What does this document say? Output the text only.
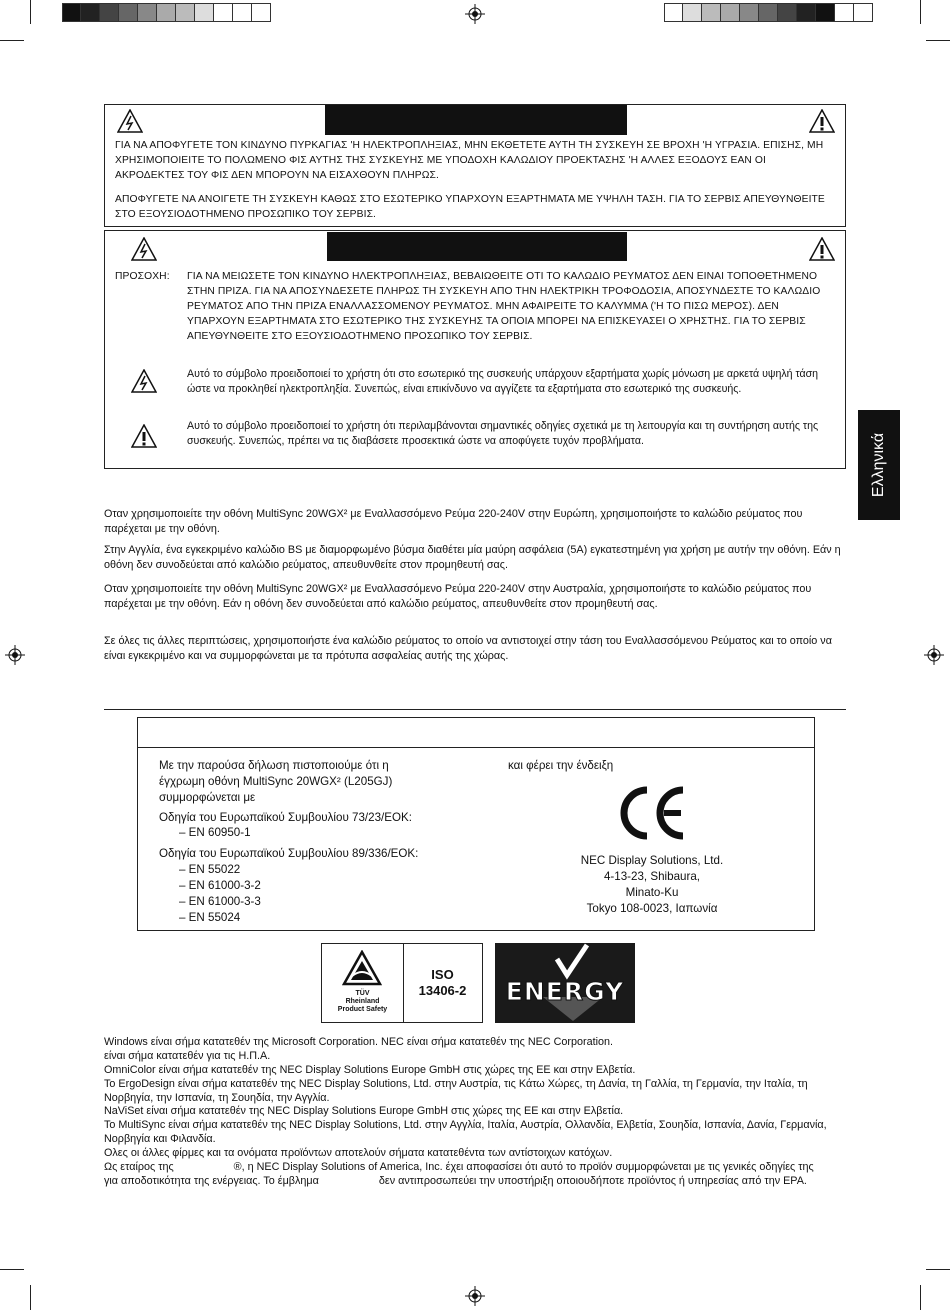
ΓΙΑ ΝΑ ΑΠΟΦΥΓΕΤΕ ΤΟΝ ΚΙΝΔΥΝΟ ΠΥΡΚΑΓΙΑΣ 'Η ΗΛΕΚΤΡΟΠΛΗΞΙΑΣ, ΜΗΝ ΕΚΘΕΤΕΤΕ ΑΥΤΗ ΤΗ ΣΥΣΚΕΥΗ ΣΕ ΒΡΟΧΗ 'Η ΥΓΡΑΣΙΑ. ΕΠΙΣΗΣ, ΜΗ ΧΡΗΣΙΜΟΠΟΙΕΙΤΕ ΤΟ ΠΟΛΩΜΕΝΟ ΦΙΣ ΑΥΤΗΣ ΤΗΣ ΣΥΣΚΕΥΗΣ ΜΕ ΥΠΟΔΟΧΗ ΚΑΛΩΔΙΟΥ ΠΡΟΕΚΤΑΣΗΣ 'Η ΑΛΛΕΣ ΕΞΟΔΟΥΣ ΕΑΝ ΟΙ ΑΚΡΟΔΕΚΤΕΣ ΤΟΥ ΦΙΣ ΔΕΝ ΜΠΟΡΟΥΝ ΝΑ ΕΙΣΑΧΘΟΥΝ ΠΛΗΡΩΣ.
ΑΠΟΦΥΓΕΤΕ ΝΑ ΑΝΟΙΓΕΤΕ ΤΗ ΣΥΣΚΕΥΗ ΚΑΘΩΣ ΣΤΟ ΕΣΩΤΕΡΙΚΟ ΥΠΑΡΧΟΥΝ ΕΞΑΡΤΗΜΑΤΑ ΜΕ ΥΨΗΛΗ ΤΑΣΗ. ΓΙΑ ΤΟ ΣΕΡΒΙΣ ΑΠΕΥΘΥΝΘΕΙΤΕ ΣΤΟ ΕΞΟΥΣΙΟΔΟΤΗΜΕΝΟ ΠΡΟΣΩΠΙΚΟ ΤΟΥ ΣΕΡΒΙΣ.
ΠΡΟΣΟΧΗ: ΓΙΑ ΝΑ ΜΕΙΩΣΕΤΕ ΤΟΝ ΚΙΝΔΥΝΟ ΗΛΕΚΤΡΟΠΛΗΞΙΑΣ, ΒΕΒΑΙΩΘΕΙΤΕ ΟΤΙ ΤΟ ΚΑΛΩΔΙΟ ΡΕΥΜΑΤΟΣ ΔΕΝ ΕΙΝΑΙ ΤΟΠΟΘΕΤΗΜΕΝΟ ΣΤΗΝ ΠΡΙΖΑ. ΓΙΑ ΝΑ ΑΠΟΣΥΝΔΕΣΕΤΕ ΠΛΗΡΩΣ ΤΗ ΣΥΣΚΕΥΗ ΑΠΟ ΤΗΝ ΗΛΕΚΤΡΙΚΗ ΤΡΟΦΟΔΟΣΙΑ, ΑΠΟΣΥΝΔΕΣΤΕ ΤΟ ΚΑΛΩΔΙΟ ΡΕΥΜΑΤΟΣ ΑΠΟ ΤΗΝ ΠΡΙΖΑ ΕΝΑΛΛΑΣΣΟΜΕΝΟΥ ΡΕΥΜΑΤΟΣ. ΜΗΝ ΑΦΑΙΡΕΙΤΕ ΤΟ ΚΑΛΥΜΜΑ ('Η ΤΟ ΠΙΣΩ ΜΕΡΟΣ). ΔΕΝ ΥΠΑΡΧΟΥΝ ΕΞΑΡΤΗΜΑΤΑ ΣΤΟ ΕΣΩΤΕΡΙΚΟ ΤΗΣ ΣΥΣΚΕΥΗΣ ΤΑ ΟΠΟΙΑ ΜΠΟΡΕΙ ΝΑ ΕΠΙΣΚΕΥΑΣΕΙ Ο ΧΡΗΣΤΗΣ. ΓΙΑ ΤΟ ΣΕΡΒΙΣ ΑΠΕΥΘΥΝΘΕΙΤΕ ΣΤΟ ΕΞΟΥΣΙΟΔΟΤΗΜΕΝΟ ΠΡΟΣΩΠΙΚΟ ΤΟΥ ΣΕΡΒΙΣ.
Αυτό το σύμβολο προειδοποιεί το χρήστη ότι στο εσωτερικό της συσκευής υπάρχουν εξαρτήματα χωρίς μόνωση με αρκετά υψηλή τάση ώστε να προκληθεί ηλεκτροπληξία. Συνεπώς, είναι επικίνδυνο να αγγίζετε τα εξαρτήματα στο εσωτερικό της συσκευής.
Αυτό το σύμβολο προειδοποιεί το χρήστη ότι περιλαμβάνονται σημαντικές οδηγίες σχετικά με τη λειτουργία και τη συντήρηση αυτής της συσκευής. Συνεπώς, πρέπει να τις διαβάσετε προσεκτικά ώστε να αποφύγετε τυχόν προβλήματα.	Ελληνικά
Οταν χρησιμοποιείτε την οθόνη MultiSync 20WGX² με Εναλλασσόμενο Ρεύμα 220-240V στην Ευρώπη, χρησιμοποιήστε το καλώδιο ρεύματος που παρέχεται με την οθόνη.
Στην Αγγλία, ένα εγκεκριμένο καλώδιο BS με διαμορφωμένο βύσμα διαθέτει μία μαύρη ασφάλεια (5A) εγκατεστημένη για χρήση με αυτήν την οθόνη. Εάν η οθόνη δεν συνοδεύεται από καλώδιο ρεύματος, απευθυνθείτε στον προμηθευτή σας.
Οταν χρησιμοποιείτε την οθόνη MultiSync 20WGX² με Εναλλασσόμενο Ρεύμα 220-240V στην Αυστραλία, χρησιμοποιήστε το καλώδιο ρεύματος που παρέχεται με την οθόνη. Εάν η οθόνη δεν συνοδεύεται από καλώδιο ρεύματος, απευθυνθείτε στον προμηθευτή σας.
Σε όλες τις άλλες περιπτώσεις, χρησιμοποιήστε ένα καλώδιο ρεύματος το οποίο να αντιστοιχεί στην τάση του Εναλλασσόμενου Ρεύματος και το οποίο να είναι εγκεκριμένο και να συμμορφώνεται με τα πρότυπα ασφαλείας αυτής της χώρας.
Με την παρούσα δήλωση πιστοποιούμε ότι η
έγχρωμη οθόνη MultiSync 20WGX² (L205GJ)
συμμορφώνεται με
Οδηγία του Ευρωπαϊκού Συμβουλίου 73/23/EOK:
– EN 60950-1
Οδηγία του Ευρωπαϊκού Συμβουλίου 89/336/EOK:
– EN 55022
– EN 61000-3-2
– EN 61000-3-3
– EN 55024
και φέρει την ένδειξη
NEC Display Solutions, Ltd.
4-13-23, Shibaura,
Minato-Ku
Tokyo 108-0023, Ιαπωνία
TÜV
Rheinland
Product Safety
ISO
13406-2	ENERGY
Windows είναι σήμα κατατεθέν της Microsoft Corporation. NEC είναι σήμα κατατεθέν της NEC Corporation.
είναι σήμα κατατεθέν για τις Η.Π.Α.
OmniColor είναι σήμα κατατεθέν της NEC Display Solutions Europe GmbH στις χώρες της ΕΕ και στην Ελβετία.
Το ErgoDesign είναι σήμα κατατεθέν της NEC Display Solutions, Ltd. στην Αυστρία, τις Κάτω Χώρες, τη Δανία, τη Γαλλία, τη Γερμανία, την Ιταλία, τη Νορβηγία, την Ισπανία, τη Σουηδία, την Αγγλία.
NaViSet είναι σήμα κατατεθέν της NEC Display Solutions Europe GmbH στις χώρες της ΕΕ και στην Ελβετία.
Το MultiSync είναι σήμα κατατεθέν της NEC Display Solutions, Ltd. στην Αγγλία, Ιταλία, Αυστρία, Ολλανδία, Ελβετία, Σουηδία, Ισπανία, Δανία, Γερμανία, Νορβηγία και Φιλανδία.
Ολες οι άλλες φίρμες και τα ονόματα προϊόντων αποτελούν σήματα κατατεθέντα των αντίστοιχων κατόχων.
Ως εταίρος της                    ®, η NEC Display Solutions of America, Inc. έχει αποφασίσει ότι αυτό το προϊόν συμμορφώνεται με τις γενικές οδηγίες της                    για αποδοτικότητα της ενέργειας. Το έμβλημα                    δεν αντιπροσωπεύει την υποστήριξη οποιουδήποτε προϊόντος ή υπηρεσίας από την EPA.
